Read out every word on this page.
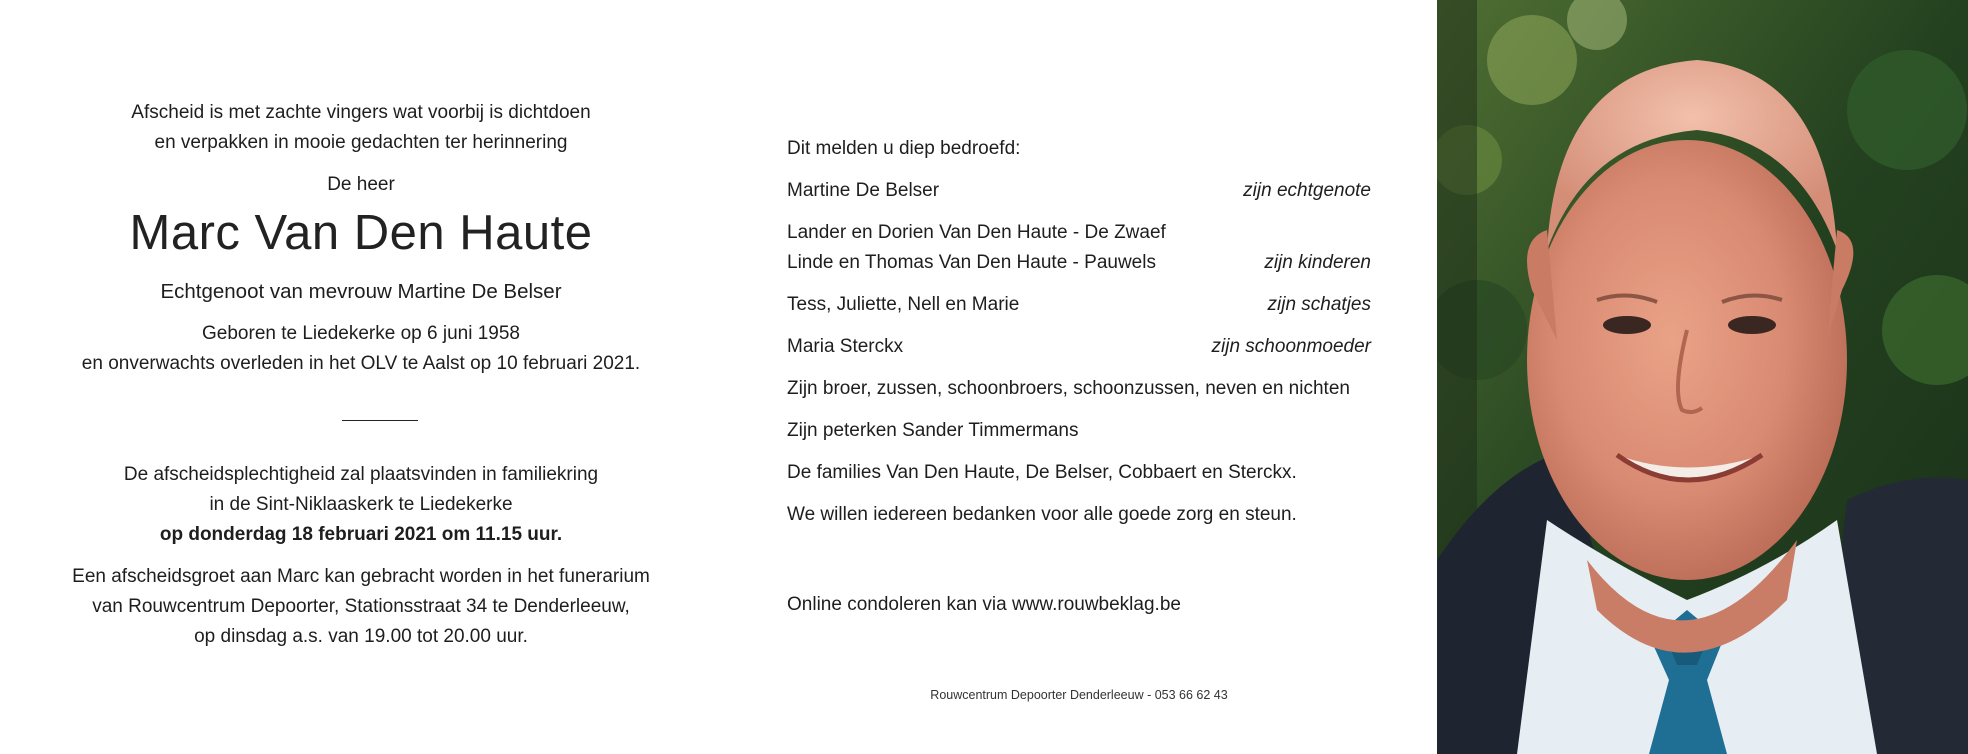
Afscheid is met zachte vingers wat voorbij is dichtdoen
en verpakken in mooie gedachten ter herinnering
De heer
Marc Van Den Haute
Echtgenoot van mevrouw Martine De Belser
Geboren te Liedekerke op 6 juni 1958
en onverwachts overleden in het OLV te Aalst op 10 februari 2021.
De afscheidsplechtigheid zal plaatsvinden in familiekring
in de Sint-Niklaaskerk te Liedekerke
op donderdag 18 februari 2021 om 11.15 uur.
Een afscheidsgroet aan Marc kan gebracht worden in het funerarium
van Rouwcentrum Depoorter, Stationsstraat 34 te Denderleeuw,
op dinsdag a.s. van 19.00 tot 20.00 uur.
Dit melden u diep bedroefd:
Martine De Belser	zijn echtgenote
Lander en Dorien Van Den Haute - De Zwaef
Linde en Thomas Van Den Haute - Pauwels	zijn kinderen
Tess, Juliette, Nell en Marie	zijn schatjes
Maria Sterckx	zijn schoonmoeder
Zijn broer, zussen, schoonbroers, schoonzussen, neven en nichten
Zijn peterken Sander Timmermans
De families Van Den Haute, De Belser, Cobbaert en Sterckx.
We willen iedereen bedanken voor alle goede zorg en steun.
Online condoleren kan via www.rouwbeklag.be
Rouwcentrum Depoorter Denderleeuw - 053 66 62 43
